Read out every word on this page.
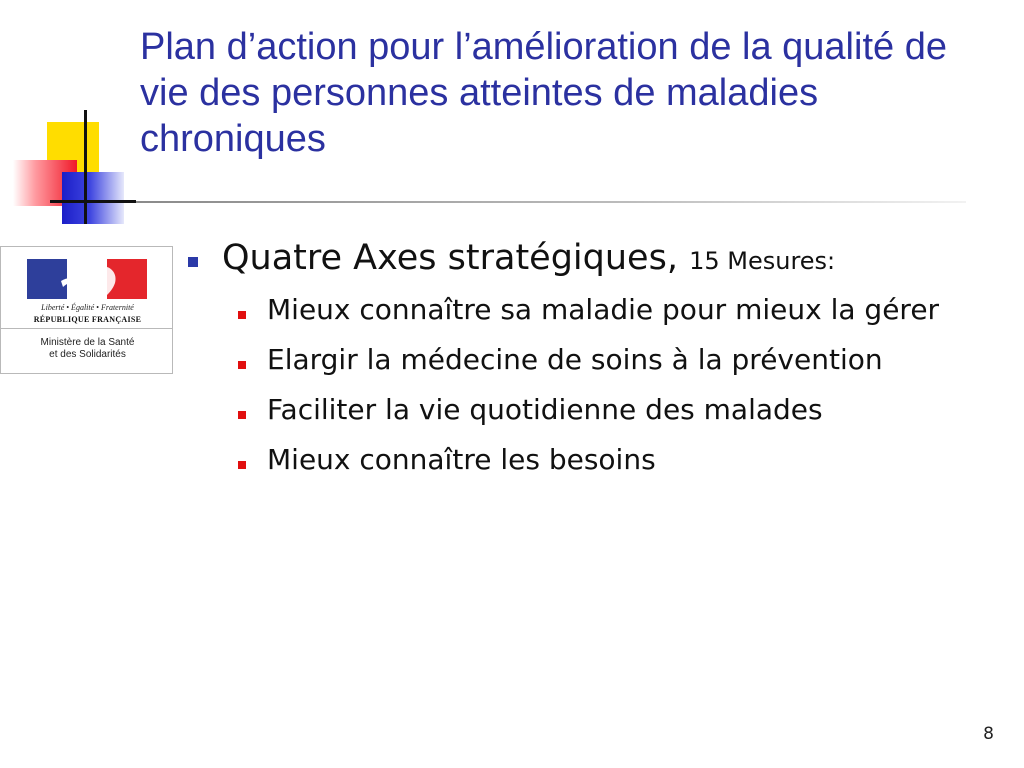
Plan d’action pour l’amélioration de la qualité de vie des personnes atteintes de maladies chroniques
Liberté • Égalité • Fraternité
RÉPUBLIQUE FRANÇAISE
Ministère de la Santé
et des Solidarités

Quatre Axes stratégiques, 15 Mesures:

Mieux connaître sa maladie pour mieux la gérer
Elargir la médecine de soins à la prévention
Faciliter la vie quotidienne des malades
Mieux connaître les besoins
8
